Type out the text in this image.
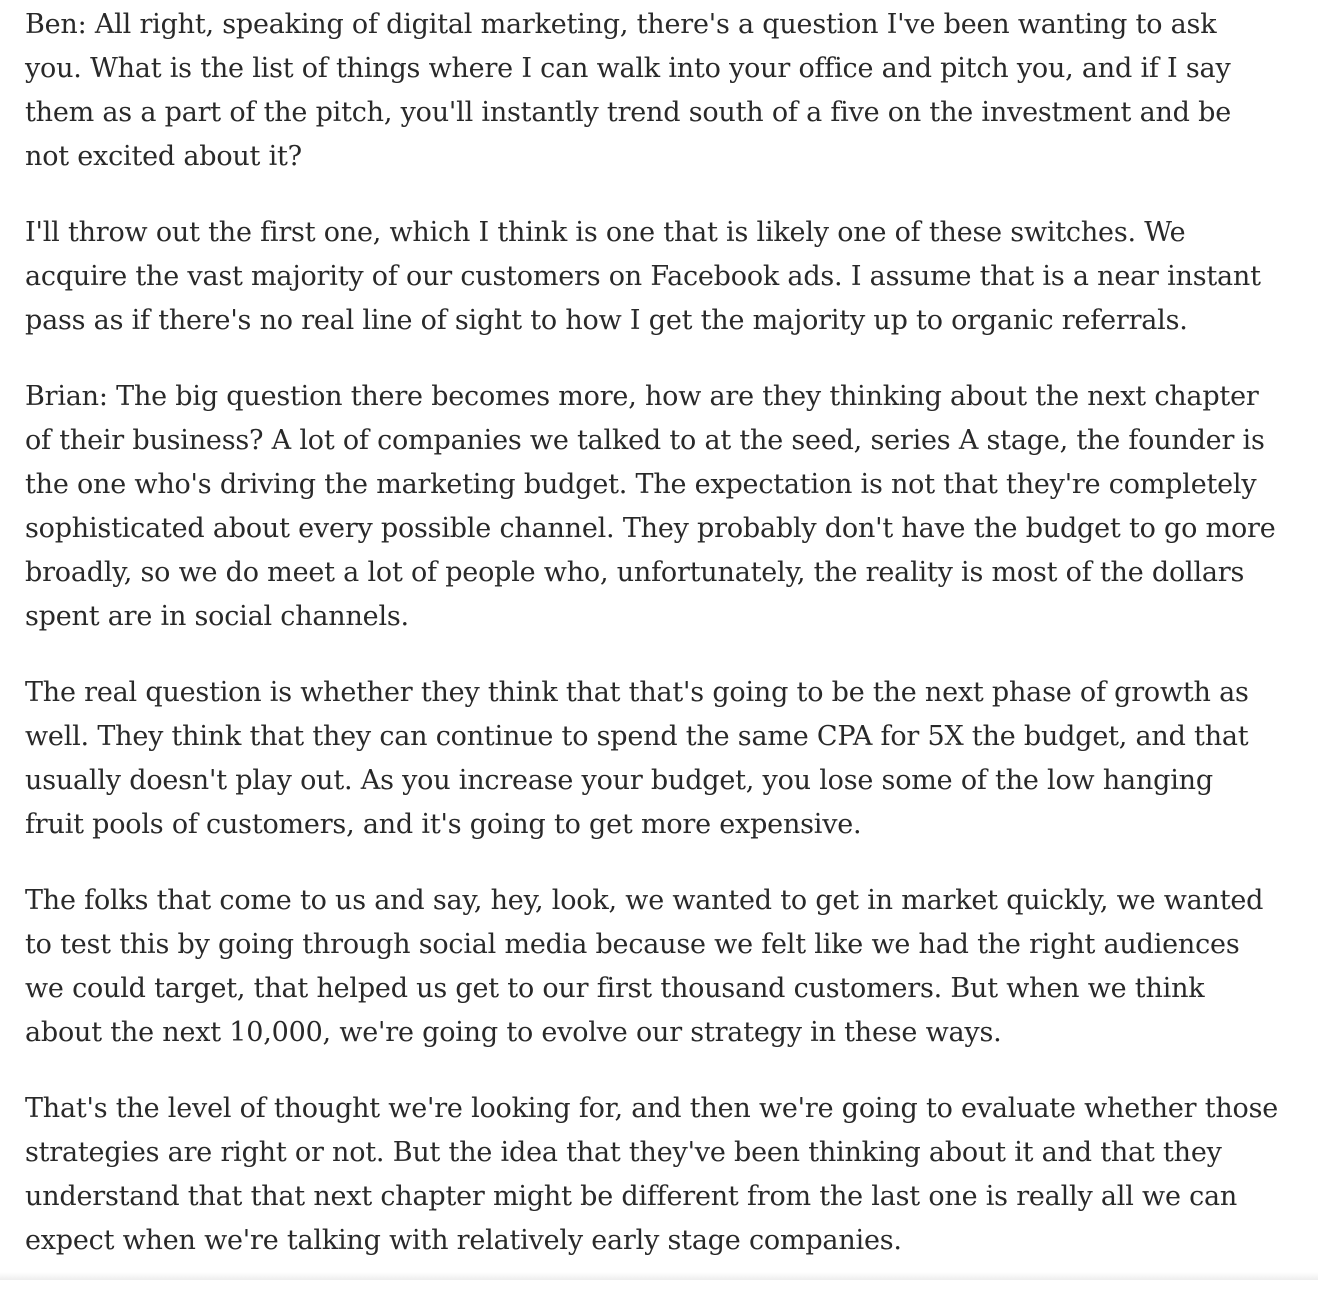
Ben: All right, speaking of digital marketing, there's a question I've been wanting to ask you. What is the list of things where I can walk into your office and pitch you, and if I say them as a part of the pitch, you'll instantly trend south of a five on the investment and be not excited about it?

I'll throw out the first one, which I think is one that is likely one of these switches. We acquire the vast majority of our customers on Facebook ads. I assume that is a near instant pass as if there's no real line of sight to how I get the majority up to organic referrals.

Brian: The big question there becomes more, how are they thinking about the next chapter of their business? A lot of companies we talked to at the seed, series A stage, the founder is the one who's driving the marketing budget. The expectation is not that they're completely sophisticated about every possible channel. They probably don't have the budget to go more broadly, so we do meet a lot of people who, unfortunately, the reality is most of the dollars spent are in social channels.

The real question is whether they think that that's going to be the next phase of growth as well. They think that they can continue to spend the same CPA for 5X the budget, and that usually doesn't play out. As you increase your budget, you lose some of the low hanging fruit pools of customers, and it's going to get more expensive.

The folks that come to us and say, hey, look, we wanted to get in market quickly, we wanted to test this by going through social media because we felt like we had the right audiences we could target, that helped us get to our first thousand customers. But when we think about the next 10,000, we're going to evolve our strategy in these ways.

That's the level of thought we're looking for, and then we're going to evaluate whether those strategies are right or not. But the idea that they've been thinking about it and that they understand that that next chapter might be different from the last one is really all we can expect when we're talking with relatively early stage companies.
